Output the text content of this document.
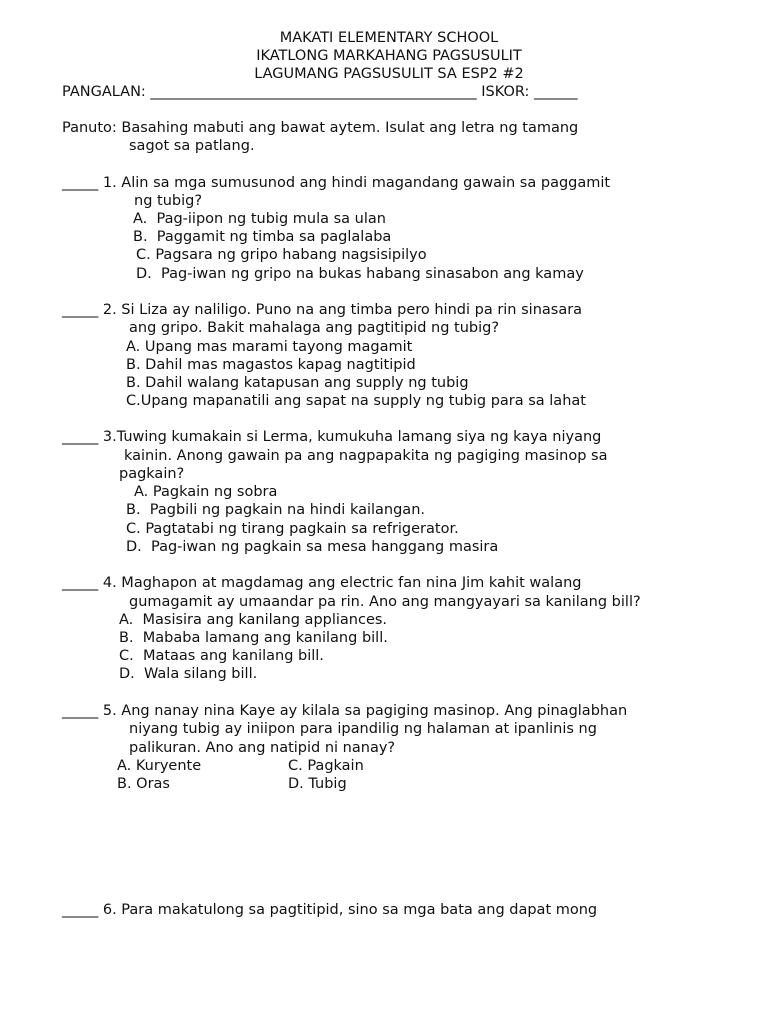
MAKATI ELEMENTARY SCHOOL
IKATLONG MARKAHANG PAGSUSULIT
LAGUMANG PAGSUSULIT SA ESP2 #2
PANGALAN: _____________________________________________ ISKOR: ______
Panuto: Basahing mabuti ang bawat aytem. Isulat ang letra ng tamang
sagot sa patlang.
_____ 1. Alin sa mga sumusunod ang hindi magandang gawain sa paggamit
ng tubig?
A.  Pag-iipon ng tubig mula sa ulan
B.  Paggamit ng timba sa paglalaba
C. Pagsara ng gripo habang nagsisipilyo
D.  Pag-iwan ng gripo na bukas habang sinasabon ang kamay
_____ 2. Si Liza ay naliligo. Puno na ang timba pero hindi pa rin sinasara
ang gripo. Bakit mahalaga ang pagtitipid ng tubig?
A. Upang mas marami tayong magamit
B. Dahil mas magastos kapag nagtitipid
B. Dahil walang katapusan ang supply ng tubig
C.Upang mapanatili ang sapat na supply ng tubig para sa lahat
_____ 3.Tuwing kumakain si Lerma, kumukuha lamang siya ng kaya niyang
kainin. Anong gawain pa ang nagpapakita ng pagiging masinop sa
pagkain?
A. Pagkain ng sobra
B.  Pagbili ng pagkain na hindi kailangan.
C. Pagtatabi ng tirang pagkain sa refrigerator.
D.  Pag-iwan ng pagkain sa mesa hanggang masira
_____ 4. Maghapon at magdamag ang electric fan nina Jim kahit walang
gumagamit ay umaandar pa rin. Ano ang mangyayari sa kanilang bill?
A.  Masisira ang kanilang appliances.
B.  Mababa lamang ang kanilang bill.
C.  Mataas ang kanilang bill.
D.  Wala silang bill.
_____ 5. Ang nanay nina Kaye ay kilala sa pagiging masinop. Ang pinaglabhan
niyang tubig ay iniipon para ipandilig ng halaman at ipanlinis ng
palikuran. Ano ang natipid ni nanay?
A. Kuryente	C. Pagkain
B. Oras	D. Tubig
_____ 6. Para makatulong sa pagtitipid, sino sa mga bata ang dapat mong
